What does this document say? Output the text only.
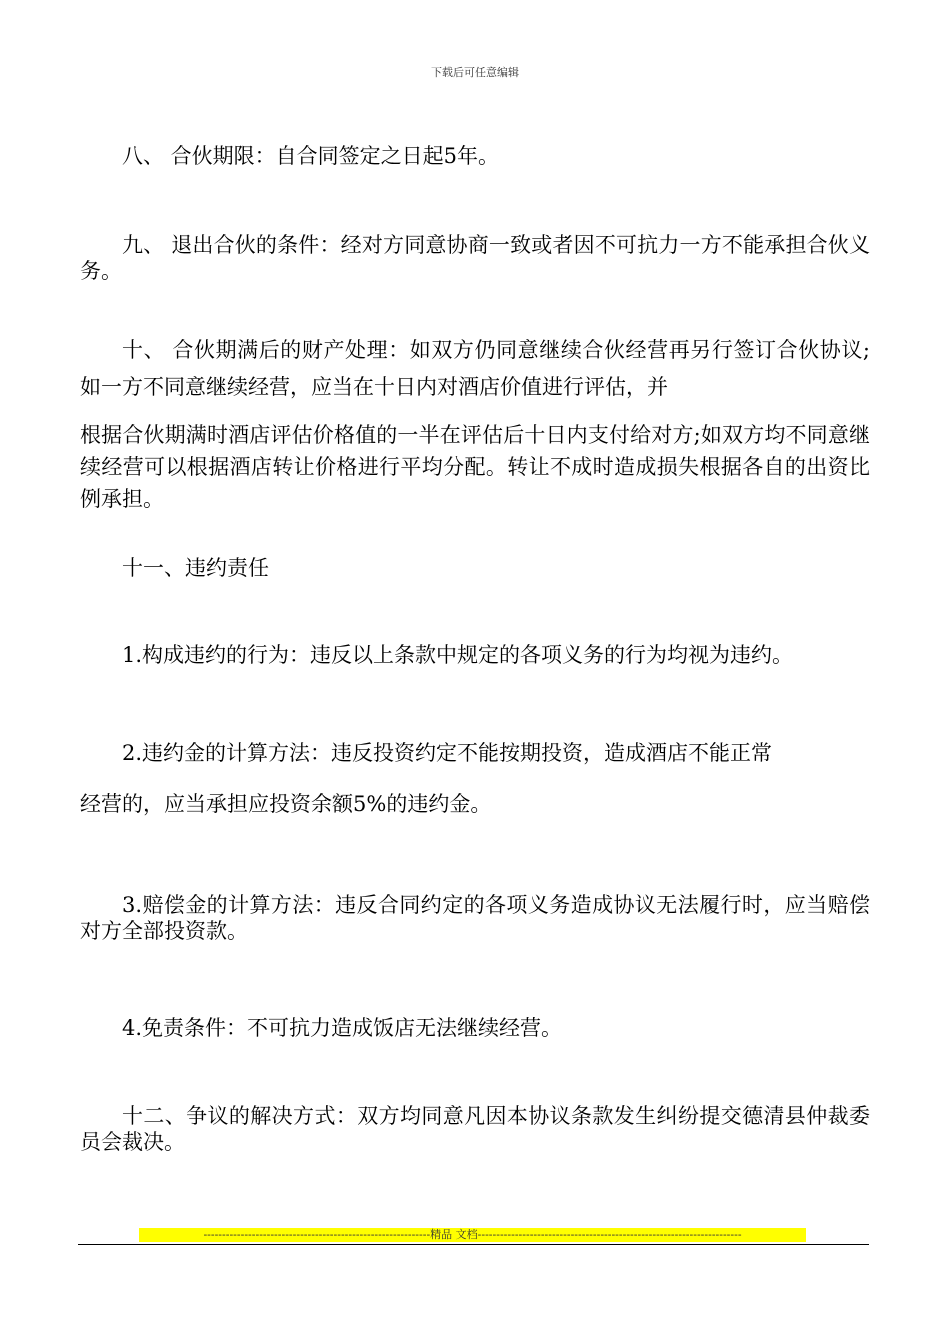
下载后可任意编辑

八、 合伙期限：自合同签定之日起5年。

九、 退出合伙的条件：经对方同意协商一致或者因不可抗力一方不能承担合伙义务。

十、 合伙期满后的财产处理：如双方仍同意继续合伙经营再另行签订合伙协议;如一方不同意继续经营，应当在十日内对酒店价值进行评估，并

根据合伙期满时酒店评估价格值的一半在评估后十日内支付给对方;如双方均不同意继续经营可以根据酒店转让价格进行平均分配。转让不成时造成损失根据各自的出资比例承担。

十一、违约责任

1.构成违约的行为：违反以上条款中规定的各项义务的行为均视为违约。

2.违约金的计算方法：违反投资约定不能按期投资，造成酒店不能正常

经营的，应当承担应投资余额5%的违约金。

3.赔偿金的计算方法：违反合同约定的各项义务造成协议无法履行时，应当赔偿对方全部投资款。

4.免责条件：不可抗力造成饭店无法继续经营。

十二、争议的解决方式：双方均同意凡因本协议条款发生纠纷提交德清县仲裁委员会裁决。

-------------------------------------------------------------精品 文档-----------------------------------------------------------------------
